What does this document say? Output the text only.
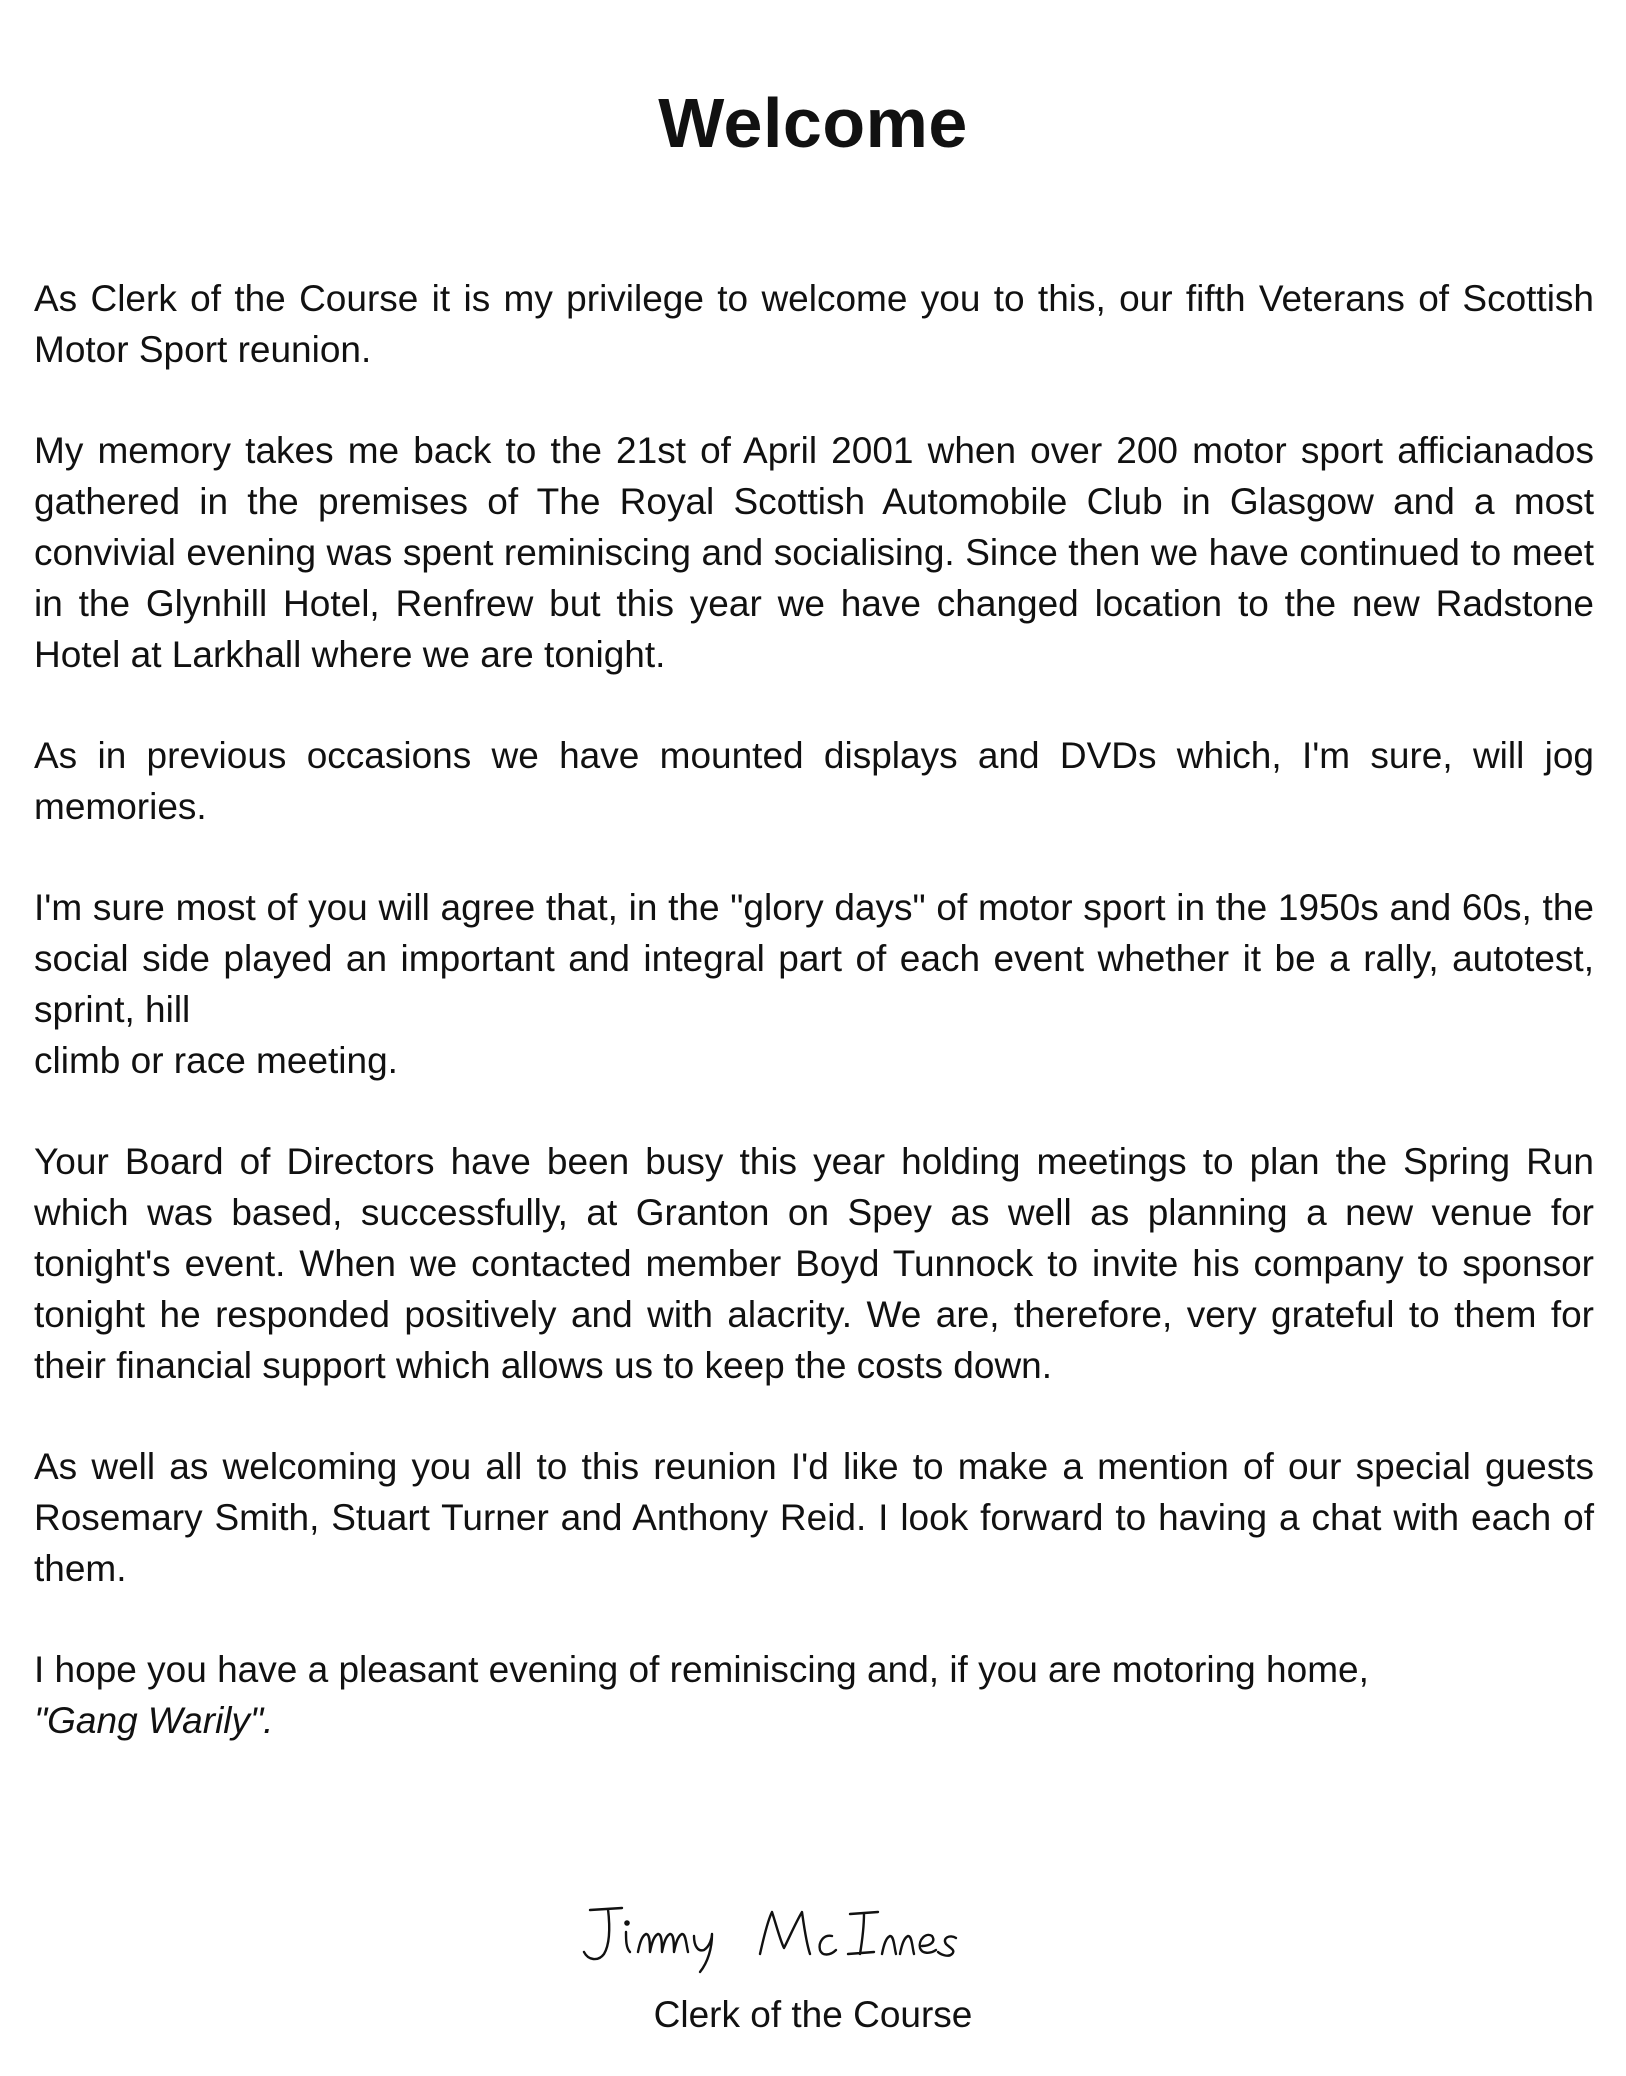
Welcome

As Clerk of the Course it is my privilege to welcome you to this, our fifth Veterans of Scottish Motor Sport reunion.

My memory takes me back to the 21st of April 2001 when over 200 motor sport afficianados gathered in the premises of The Royal Scottish Automobile Club in Glasgow and a most convivial evening was spent reminiscing and socialising. Since then we have continued to meet in the Glynhill Hotel, Renfrew but this year we have changed location to the new Radstone Hotel at Larkhall where we are tonight.

As in previous occasions we have mounted displays and DVDs which, I'm sure, will jog memories.

I'm sure most of you will agree that, in the "glory days" of motor sport in the 1950s and 60s, the social side played an important and integral part of each event whether it be a rally, autotest, sprint, hill
climb or race meeting.

Your Board of Directors have been busy this year holding meetings to plan the Spring Run which was based, successfully, at Granton on Spey as well as planning a new venue for tonight's event. When we contacted member Boyd Tunnock to invite his company to sponsor tonight he responded positively and with alacrity. We are, therefore, very grateful to them for their financial support which allows us to keep the costs down.

As well as welcoming you all to this reunion I'd like to make a mention of our special guests Rosemary Smith, Stuart Turner and Anthony Reid. I look forward to having a chat with each of them.

I hope you have a pleasant evening of reminiscing and, if you are motoring home,
"Gang Warily".

Clerk of the Course
